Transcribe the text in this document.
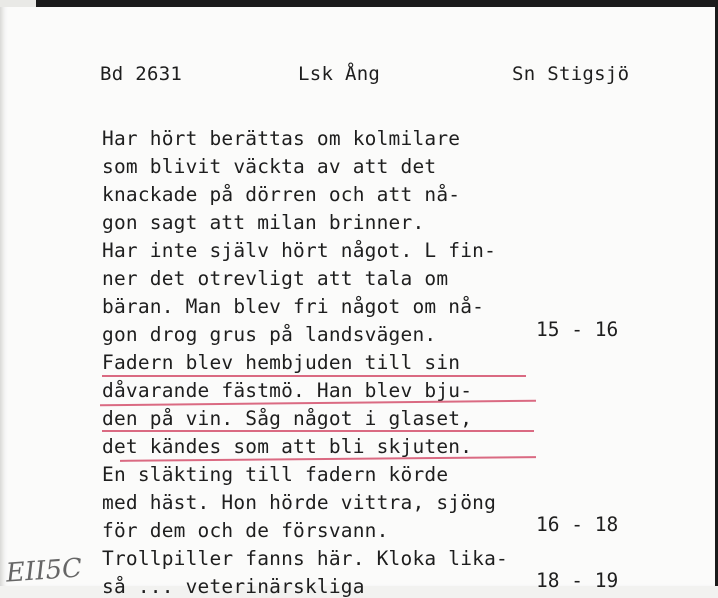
Bd 2631	Lsk Ång	Sn Stigsjö
Har hört berättas om kolmilare
som blivit väckta av att det
knackade på dörren och att nå-
gon sagt att milan brinner.
Har inte själv hört något. L fin-
ner det otrevligt att tala om
bäran. Man blev fri något om nå-
gon drog grus på landsvägen.
Fadern blev hembjuden till sin
dåvarande fästmö. Han blev bju-
den på vin. Såg något i glaset,
det kändes som att bli skjuten.
En släkting till fadern körde
med häst. Hon hörde vittra, sjöng
för dem och de försvann.
Trollpiller fanns här. Kloka lika-
så ... veterinärskliga
15 - 16
16 - 18
18 - 19
EII5C
